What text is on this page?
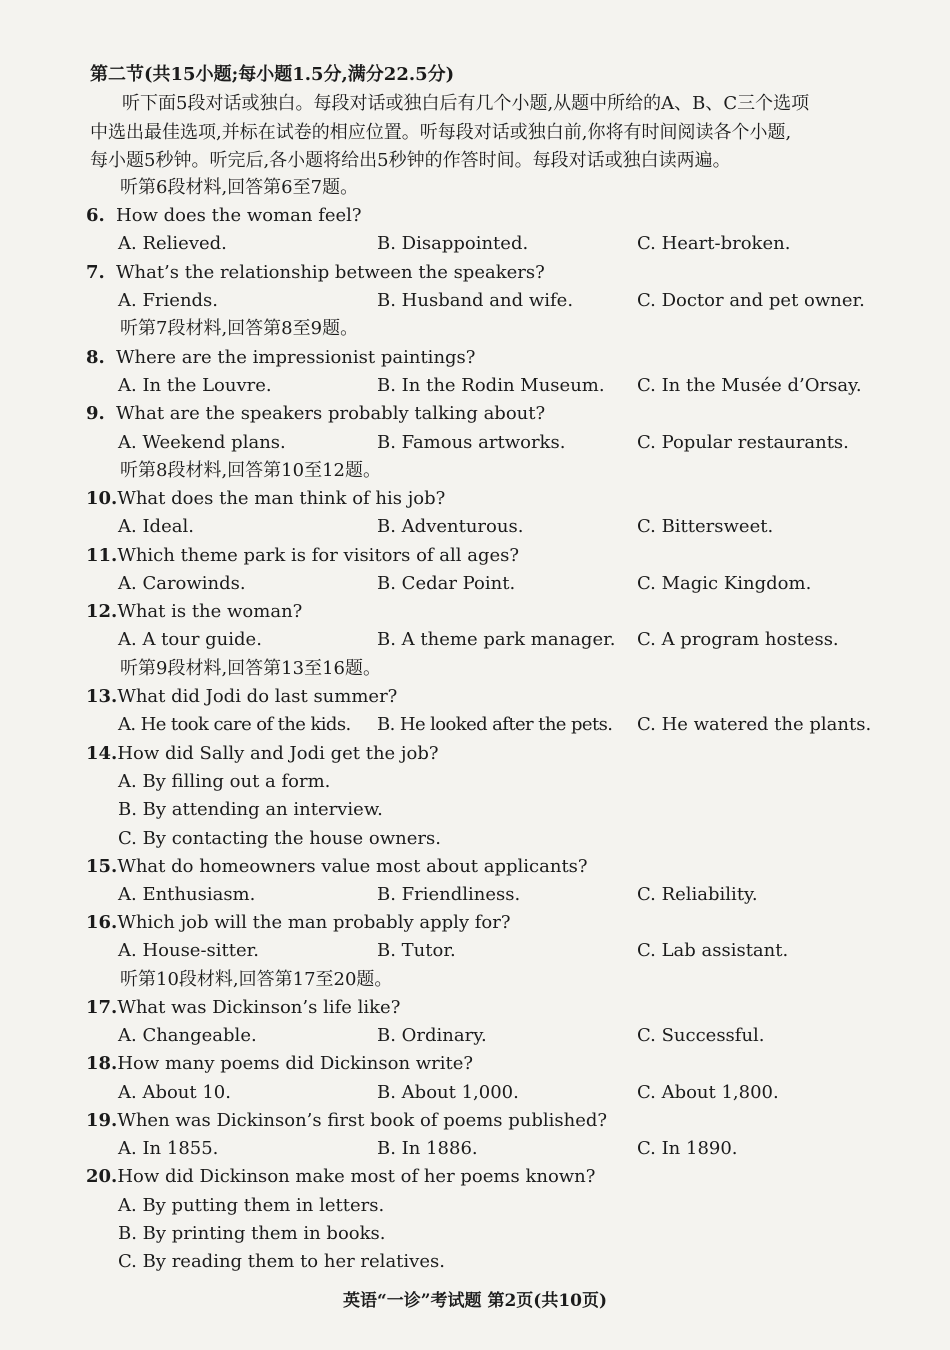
第二节(共15小题;每小题1.5分,满分22.5分)
听下面5段对话或独白。每段对话或独白后有几个小题,从题中所给的A、B、C三个选项
中选出最佳选项,并标在试卷的相应位置。听每段对话或独白前,你将有时间阅读各个小题,
每小题5秒钟。听完后,各小题将给出5秒钟的作答时间。每段对话或独白读两遍。
听第6段材料,回答第6至7题。
6. How does the woman feel?
A. Relieved.	B. Disappointed.	C. Heart-broken.
7. What’s the relationship between the speakers?
A. Friends.	B. Husband and wife.	C. Doctor and pet owner.
听第7段材料,回答第8至9题。
8. Where are the impressionist paintings?
A. In the Louvre.	B. In the Rodin Museum. C. In the Musée d’Orsay.
9. What are the speakers probably talking about?
A. Weekend plans.	B. Famous artworks.	C. Popular restaurants.
听第8段材料,回答第10至12题。
10.What does the man think of his job?
A. Ideal.	B. Adventurous.	C. Bittersweet.
11.Which theme park is for visitors of all ages?
A. Carowinds.	B. Cedar Point.	C. Magic Kingdom.
12.What is the woman?
A. A tour guide.	B. A theme park manager. C. A program hostess.
听第9段材料,回答第13至16题。
13.What did Jodi do last summer?
A. He took care of the kids. B. He looked after the pets. C. He watered the plants.
14.How did Sally and Jodi get the job?
A. By filling out a form.
B. By attending an interview.
C. By contacting the house owners.
15.What do homeowners value most about applicants?
A. Enthusiasm.	B. Friendliness.	C. Reliability.
16.Which job will the man probably apply for?
A. House-sitter.	B. Tutor.	C. Lab assistant.
听第10段材料,回答第17至20题。
17.What was Dickinson’s life like?
A. Changeable.	B. Ordinary.	C. Successful.
18.How many poems did Dickinson write?
A. About 10.	B. About 1,000.	C. About 1,800.
19.When was Dickinson’s first book of poems published?
A. In 1855.	B. In 1886.	C. In 1890.
20.How did Dickinson make most of her poems known?
A. By putting them in letters.
B. By printing them in books.
C. By reading them to her relatives.
英语“一诊”考试题 第2页(共10页)
